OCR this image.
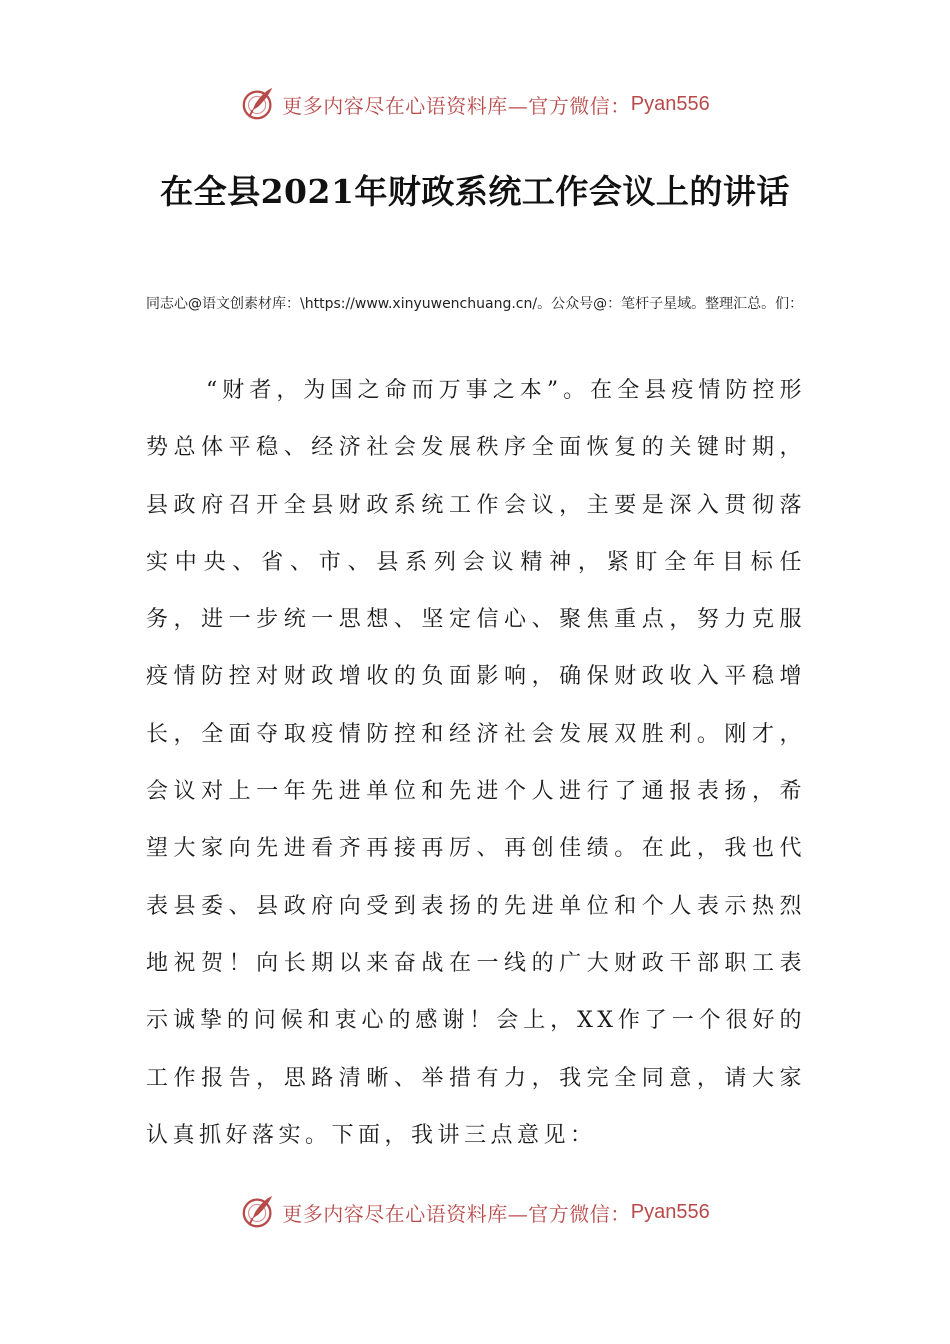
更多内容尽在心语资料库—官方微信： Pyan556
在全县2021年财政系统工作会议上的讲话
同志心@语文创素材库：\https://www.xinyuwenchuang.cn/。公众号@：笔杆子星域。整理汇总。们：

“财者，为国之命而万事之本”。在全县疫情防控形势总体平稳、经济社会发展秩序全面恢复的关键时期，县政府召开全县财政系统工作会议，主要是深入贯彻落实中央、省、市、县系列会议精神，紧盯全年目标任务，进一步统一思想、坚定信心、聚焦重点，努力克服疫情防控对财政增收的负面影响，确保财政收入平稳增长，全面夺取疫情防控和经济社会发展双胜利。刚才，会议对上一年先进单位和先进个人进行了通报表扬，希望大家向先进看齐再接再厉、再创佳绩。在此，我也代表县委、县政府向受到表扬的先进单位和个人表示热烈地祝贺！向长期以来奋战在一线的广大财政干部职工表示诚挚的问候和衷心的感谢！会上，XX作了一个很好的工作报告，思路清晰、举措有力，我完全同意，请大家认真抓好落实。下面，我讲三点意见：

更多内容尽在心语资料库—官方微信： Pyan556
